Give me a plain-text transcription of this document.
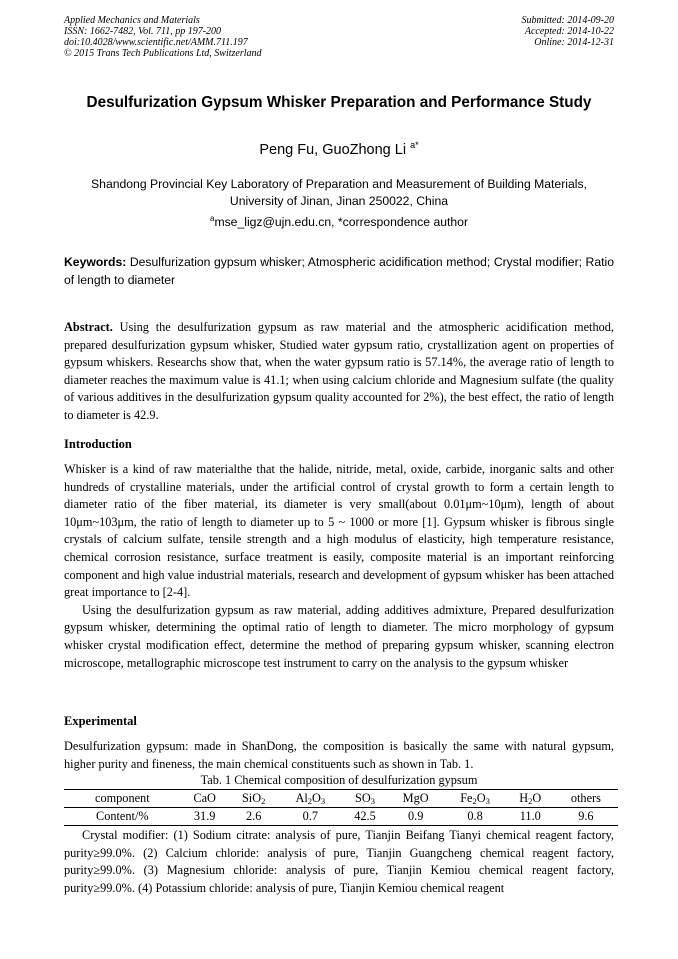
Applied Mechanics and Materials
ISSN: 1662-7482, Vol. 711, pp 197-200
doi:10.4028/www.scientific.net/AMM.711.197
© 2015 Trans Tech Publications Ltd, Switzerland
Submitted: 2014-09-20
Accepted: 2014-10-22
Online: 2014-12-31
Desulfurization Gypsum Whisker Preparation and Performance Study
Peng Fu, GuoZhong Li $^{a*}$
Shandong Provincial Key Laboratory of Preparation and Measurement of Building Materials,
University of Jinan, Jinan 250022, China
$^a$mse_ligz@ujn.edu.cn, *correspondence author
Keywords: Desulfurization gypsum whisker; Atmospheric acidification method; Crystal modifier; Ratio of length to diameter
Abstract. Using the desulfurization gypsum as raw material and the atmospheric acidification method, prepared desulfurization gypsum whisker, Studied water gypsum ratio, crystallization agent on properties of gypsum whiskers. Researchs show that, when the water gypsum ratio is 57.14%, the average ratio of length to diameter reaches the maximum value is 41.1; when using calcium chloride and Magnesium sulfate (the quality of various additives in the desulfurization gypsum quality accounted for 2%), the best effect, the ratio of length to diameter is 42.9.
Introduction
Whisker is a kind of raw materialthe that the halide, nitride, metal, oxide, carbide, inorganic salts and other hundreds of crystalline materials, under the artificial control of crystal growth to form a certain length to diameter ratio of the fiber material, its diameter is very small(about 0.01μm~10μm), length of about 10μm~103μm, the ratio of length to diameter up to 5 ~ 1000 or more [1]. Gypsum whisker is fibrous single crystals of calcium sulfate, tensile strength and a high modulus of elasticity, high temperature resistance, chemical corrosion resistance, surface treatment is easily, composite material is an important reinforcing component and high value industrial materials, research and development of gypsum whisker has been attached great importance to [2-4].
Using the desulfurization gypsum as raw material, adding additives admixture, Prepared desulfurization gypsum whisker, determining the optimal ratio of length to diameter. The micro morphology of gypsum whisker crystal modification effect, determine the method of preparing gypsum whisker, scanning electron microscope, metallographic microscope test instrument to carry on the analysis to the gypsum whisker
Experimental
Desulfurization gypsum: made in ShanDong, the composition is basically the same with natural gypsum, higher purity and fineness, the main chemical constituents such as shown in Tab. 1.
Tab. 1 Chemical composition of desulfurization gypsum
component	CaO	SiO$_2$	$Al_2O_3$	$SO_3$	MgO	$Fe_2O_3$	$H_2O$	others
Content/%	31.9	2.6	0.7	42.5	0.9	0.8	11.0	9.6
Crystal modifier: (1) Sodium citrate: analysis of pure, Tianjin Beifang Tianyi chemical reagent factory, purity≥99.0%. (2) Calcium chloride: analysis of pure, Tianjin Guangcheng chemical reagent factory, purity≥99.0%. (3) Magnesium chloride: analysis of pure, Tianjin Kemiou chemical reagent factory, purity≥99.0%. (4) Potassium chloride: analysis of pure, Tianjin Kemiou chemical reagent
